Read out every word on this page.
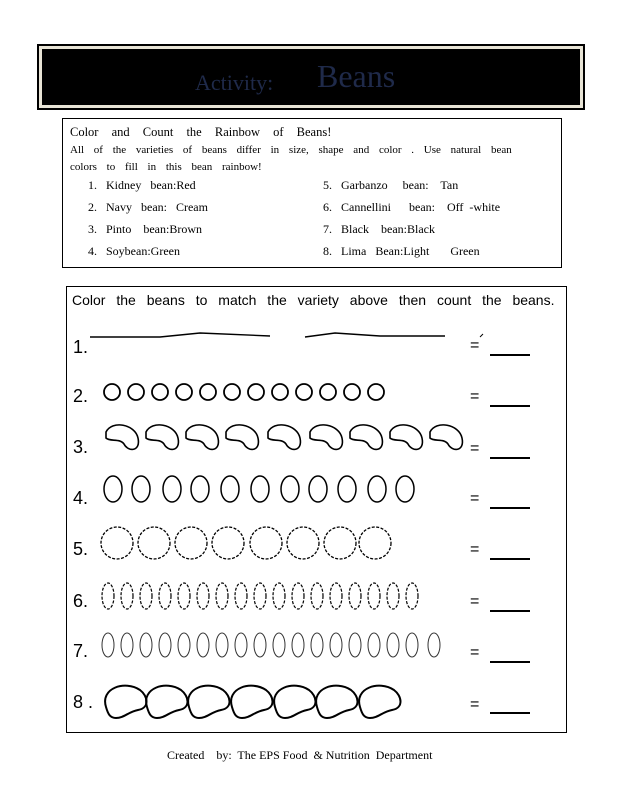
Activity: Beans
Color and Count the Rainbow of Beans!
All of the varieties of beans differ in size, shape and color . Use natural bean
colors to fill in this bean rainbow!
1. Kidney   bean:Red
2. Navy   bean:   Cream
3. Pinto    bean:Brown
4. Soybean:Green
5. Garbanzo     bean:    Tan
6. Cannellini      bean:    Off  -white
7. Black    bean:Black
8. Lima   Bean:Light       Green
Color the beans to match the variety above then count the beans.
1.
2.
3.
4.
5.
6.
7.
8 .
=
=
=
=
=
=
=
=
Created    by:  The EPS Food  & Nutrition  Department
